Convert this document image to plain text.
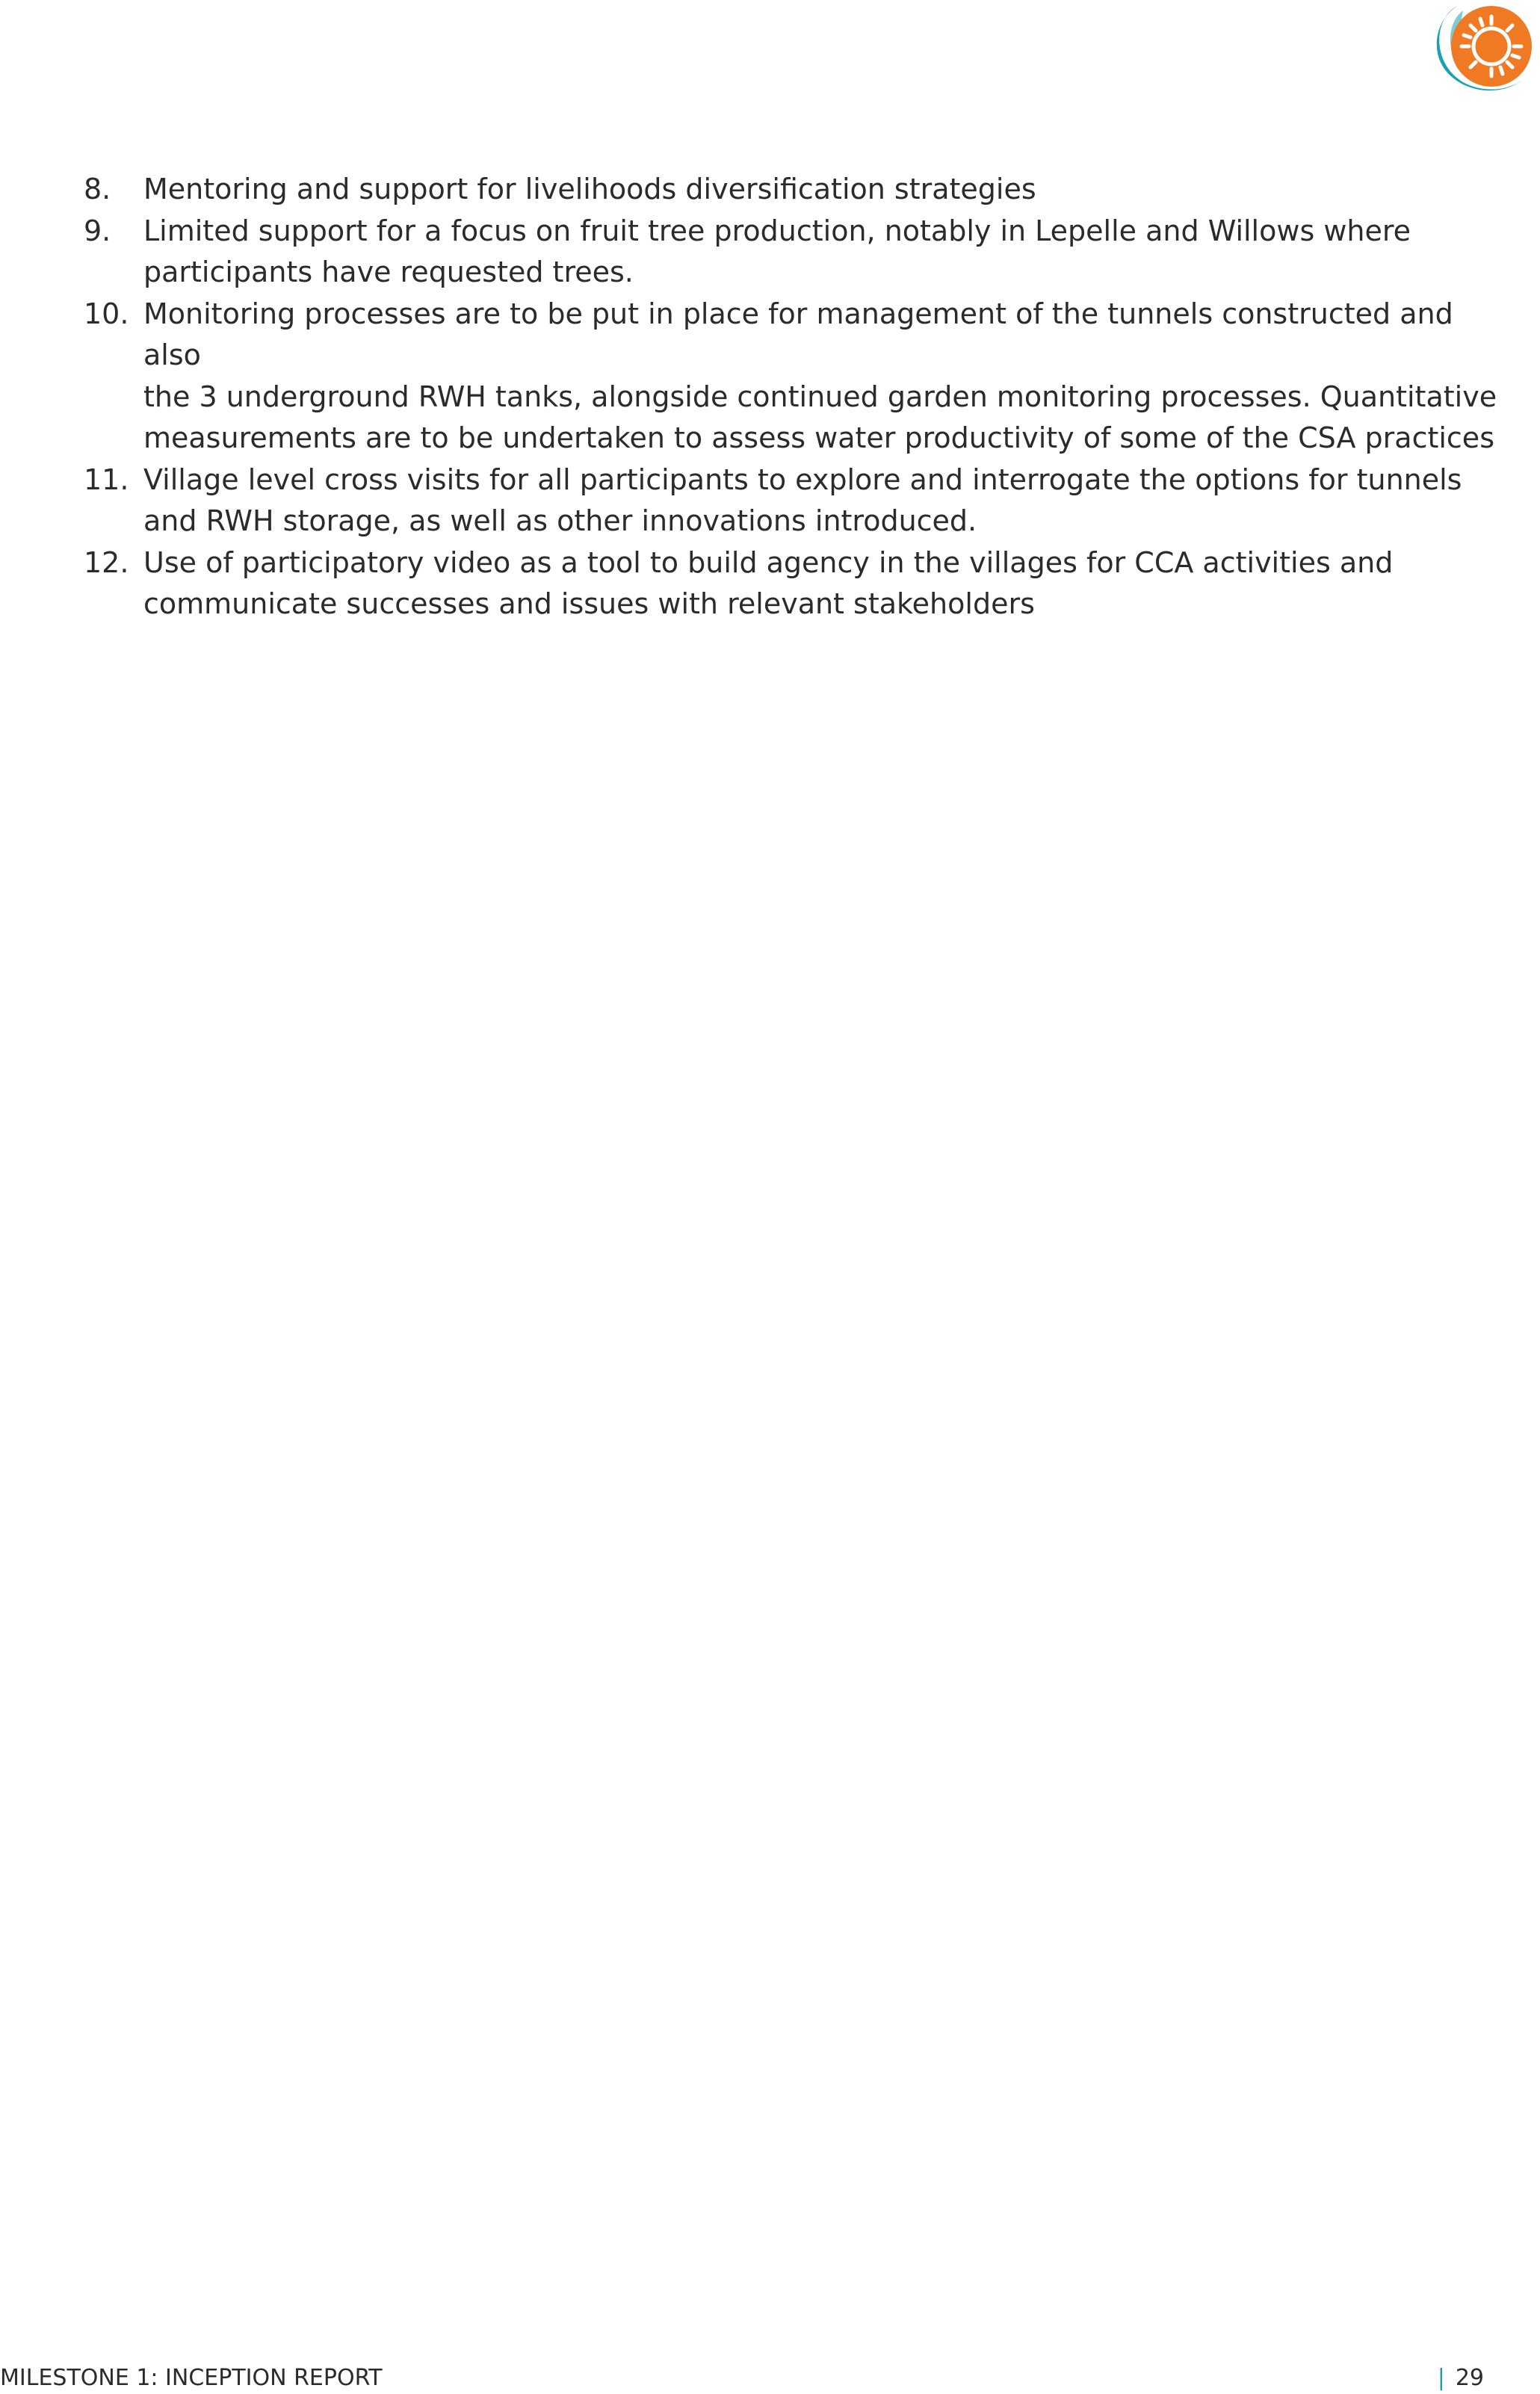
8.	Mentoring and support for livelihoods diversification strategies
9.	Limited support for a focus on fruit tree production, notably in Lepelle and Willows where
participants have requested trees.
10. Monitoring processes are to be put in place for management of the tunnels constructed and also
the 3 underground RWH tanks, alongside continued garden monitoring processes. Quantitative
measurements are to be undertaken to assess water productivity of some of the CSA practices
11. Village level cross visits for all participants to explore and interrogate the options for tunnels
and RWH storage, as well as other innovations introduced.
12. Use of participatory video as a tool to build agency in the villages for CCA activities and
communicate successes and issues with relevant stakeholders
MILESTONE 1: INCEPTION REPORT	| 29
